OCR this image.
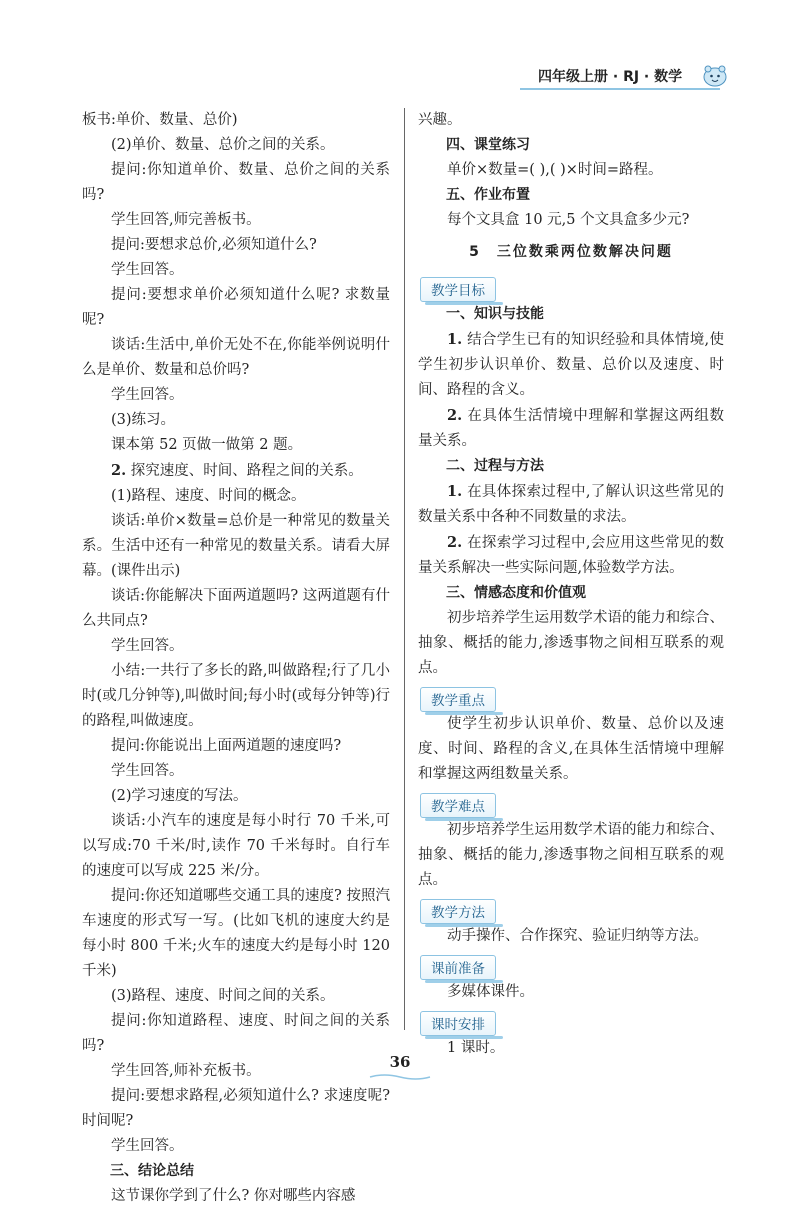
四年级上册 · RJ · 数学

板书:单价、数量、总价)

(2)单价、数量、总价之间的关系。

提问:你知道单价、数量、总价之间的关系吗?

学生回答,师完善板书。

提问:要想求总价,必须知道什么?

学生回答。

提问:要想求单价必须知道什么呢? 求数量呢?

谈话:生活中,单价无处不在,你能举例说明什么是单价、数量和总价吗?

学生回答。

(3)练习。

课本第 52 页做一做第 2 题。

2. 探究速度、时间、路程之间的关系。

(1)路程、速度、时间的概念。

谈话:单价×数量=总价是一种常见的数量关系。生活中还有一种常见的数量关系。请看大屏幕。(课件出示)

谈话:你能解决下面两道题吗? 这两道题有什么共同点?

学生回答。

小结:一共行了多长的路,叫做路程;行了几小时(或几分钟等),叫做时间;每小时(或每分钟等)行的路程,叫做速度。

提问:你能说出上面两道题的速度吗?

学生回答。

(2)学习速度的写法。

谈话:小汽车的速度是每小时行 70 千米,可以写成:70 千米/时,读作 70 千米每时。自行车的速度可以写成 225 米/分。

提问:你还知道哪些交通工具的速度? 按照汽车速度的形式写一写。(比如飞机的速度大约是每小时 800 千米;火车的速度大约是每小时 120 千米)

(3)路程、速度、时间之间的关系。

提问:你知道路程、速度、时间之间的关系吗?

学生回答,师补充板书。

提问:要想求路程,必须知道什么? 求速度呢? 时间呢?

学生回答。

三、结论总结

这节课你学到了什么? 你对哪些内容感

兴趣。

四、课堂练习

单价×数量=( ),( )×时间=路程。

五、作业布置

每个文具盒 10 元,5 个文具盒多少元?

5 三位数乘两位数解决问题
教学目标

一、知识与技能

1. 结合学生已有的知识经验和具体情境,使学生初步认识单价、数量、总价以及速度、时间、路程的含义。

2. 在具体生活情境中理解和掌握这两组数量关系。

二、过程与方法

1. 在具体探索过程中,了解认识这些常见的数量关系中各种不同数量的求法。

2. 在探索学习过程中,会应用这些常见的数量关系解决一些实际问题,体验数学方法。

三、情感态度和价值观

初步培养学生运用数学术语的能力和综合、抽象、概括的能力,渗透事物之间相互联系的观点。

教学重点

使学生初步认识单价、数量、总价以及速度、时间、路程的含义,在具体生活情境中理解和掌握这两组数量关系。

教学难点

初步培养学生运用数学术语的能力和综合、抽象、概括的能力,渗透事物之间相互联系的观点。

教学方法

动手操作、合作探究、验证归纳等方法。

课前准备

多媒体课件。

课时安排

1 课时。

36
